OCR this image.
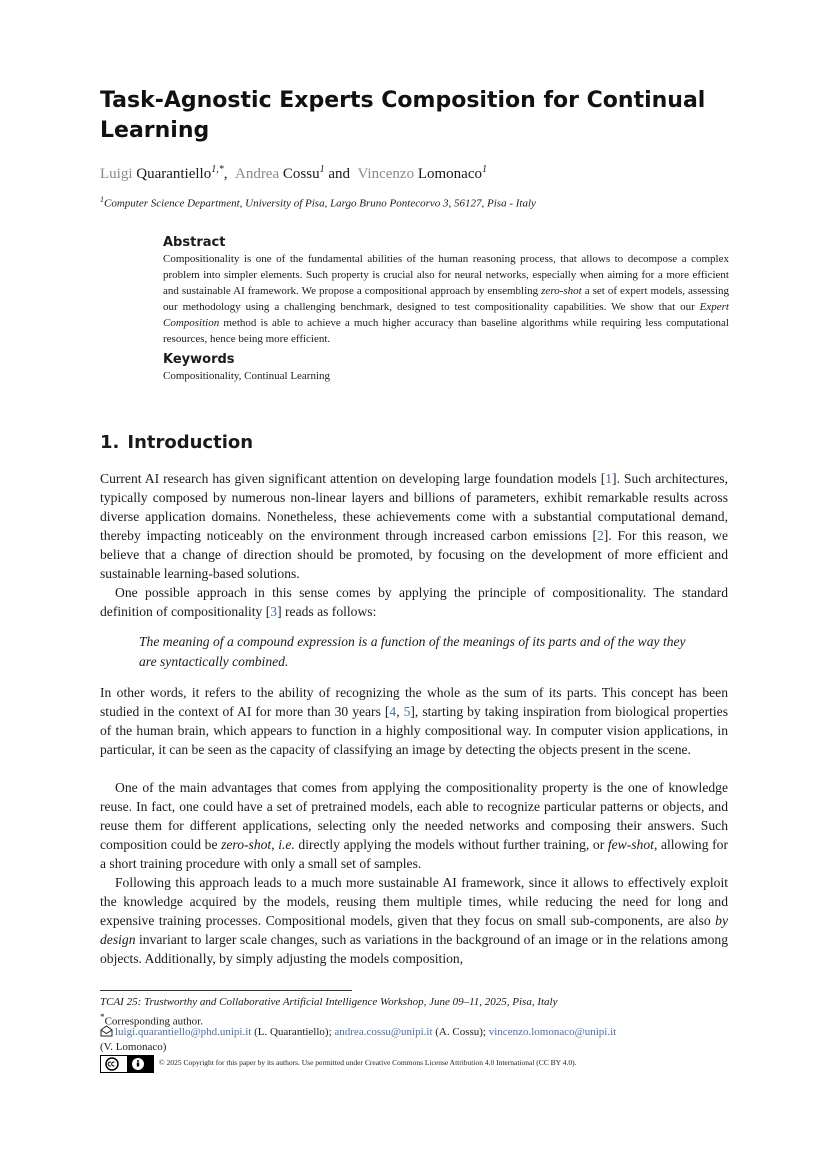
Task-Agnostic Experts Composition for Continual Learning
Luigi Quarantiello$^{1,*}$, Andrea Cossu$^1$ and Vincenzo Lomonaco$^1$
$^1$Computer Science Department, University of Pisa, Largo Bruno Pontecorvo 3, 56127, Pisa - Italy
Abstract
Compositionality is one of the fundamental abilities of the human reasoning process, that allows to decompose a complex problem into simpler elements. Such property is crucial also for neural networks, especially when aiming for a more efficient and sustainable AI framework. We propose a compositional approach by ensembling zero-shot a set of expert models, assessing our methodology using a challenging benchmark, designed to test compositionality capabilities. We show that our Expert Composition method is able to achieve a much higher accuracy than baseline algorithms while requiring less computational resources, hence being more efficient.
Keywords
Compositionality, Continual Learning
1. Introduction
Current AI research has given significant attention on developing large foundation models [1]. Such architectures, typically composed by numerous non-linear layers and billions of parameters, exhibit remarkable results across diverse application domains. Nonetheless, these achievements come with a substantial computational demand, thereby impacting noticeably on the environment through increased carbon emissions [2]. For this reason, we believe that a change of direction should be promoted, by focusing on the development of more efficient and sustainable learning-based solutions.
One possible approach in this sense comes by applying the principle of compositionality. The standard definition of compositionality [3] reads as follows:
The meaning of a compound expression is a function of the meanings of its parts and of the way they are syntactically combined.
In other words, it refers to the ability of recognizing the whole as the sum of its parts. This concept has been studied in the context of AI for more than 30 years [4, 5], starting by taking inspiration from biological properties of the human brain, which appears to function in a highly compositional way. In computer vision applications, in particular, it can be seen as the capacity of classifying an image by detecting the objects present in the scene.
One of the main advantages that comes from applying the compositionality property is the one of knowledge reuse. In fact, one could have a set of pretrained models, each able to recognize particular patterns or objects, and reuse them for different applications, selecting only the needed networks and composing their answers. Such composition could be zero-shot, i.e. directly applying the models without further training, or few-shot, allowing for a short training procedure with only a small set of samples.
Following this approach leads to a much more sustainable AI framework, since it allows to effectively exploit the knowledge acquired by the models, reusing them multiple times, while reducing the need for long and expensive training processes. Compositional models, given that they focus on small sub-components, are also by design invariant to larger scale changes, such as variations in the background of an image or in the relations among objects. Additionally, by simply adjusting the models composition,
TCAI 25: Trustworthy and Collaborative Artificial Intelligence Workshop, June 09–11, 2025, Pisa, Italy
*Corresponding author.
luigi.quarantiello@phd.unipi.it (L. Quarantiello); andrea.cossu@unipi.it (A. Cossu); vincenzo.lomonaco@unipi.it
(V. Lomonaco)
© 2025 Copyright for this paper by its authors. Use permitted under Creative Commons License Attribution 4.0 International (CC BY 4.0).
